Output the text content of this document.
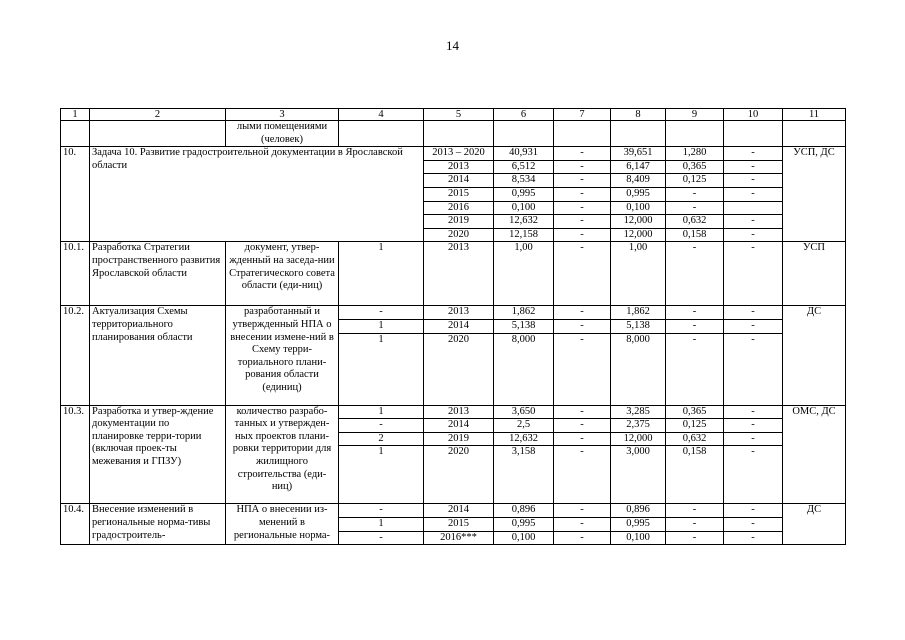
14
1	2	3	4	5	6	7	8	9	10	11
		лыми помещениями (человек)								
10.	Задача 10. Развитие градостроительной документации в Ярославской области			2013 – 2020	40,931	-	39,651	1,280	-	УСП, ДС
				2013	6,512	-	6,147	0,365	-	
				2014	8,534	-	8,409	0,125	-	
				2015	0,995	-	0,995	-	-	
				2016	0,100	-	0,100	-		
				2019	12,632	-	12,000	0,632	-	
				2020	12,158	-	12,000	0,158	-	
10.1.	Разработка Стратегии пространственного развития Ярославской области	документ, утвер-жденный на заседа-нии Стратегического совета области (еди-ниц)	1	2013	1,00	-	1,00	-	-	УСП
10.2.	Актуализация Схемы территориального планирования области	разработанный и утвержденный НПА о внесении измене-ний в Схему терри-ториального плани-рования области (единиц)	-	2013	1,862	-	1,862	-	-	ДС
			1	2014	5,138	-	5,138	-	-	
			1	2020	8,000	-	8,000	-	-	
10.3.	Разработка и утвер-ждение документации по планировке терри-тории (включая проек-ты межевания и ГПЗУ)	количество разрабо-танных и утвержден-ных проектов плани-ровки территории для жилищного строительства (еди-ниц)	1	2013	3,650	-	3,285	0,365	-	ОМС, ДС
			-	2014	2,5	-	2,375	0,125	-	
			2	2019	12,632	-	12,000	0,632	-	
			1	2020	3,158	-	3,000	0,158	-	
10.4.	Внесение изменений в региональные норма-тивы градостроитель-	НПА о внесении из-менений в региональные норма-	-	2014	0,896	-	0,896	-	-	ДС
			1	2015	0,995	-	0,995	-	-	
			-	2016***	0,100	-	0,100	-	-	
